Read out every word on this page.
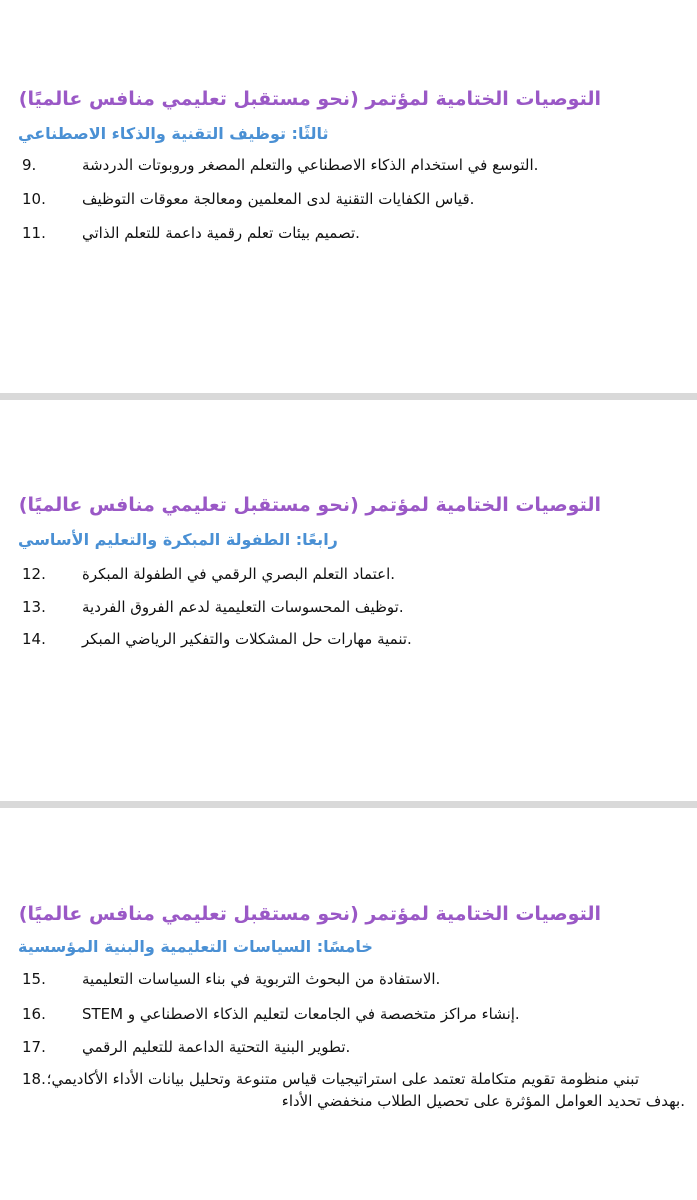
التوصيات الختامية لمؤتمر (نحو مستقبل تعليمي منافس عالميًا)
ثالثًا: توظيف التقنية والذكاء الاصطناعي
9.	.التوسع في استخدام الذكاء الاصطناعي والتعلم المصغر وروبوتات الدردشة
10. .قياس الكفايات التقنية لدى المعلمين ومعالجة معوقات التوظيف
11. .تصميم بيئات تعلم رقمية داعمة للتعلم الذاتي
التوصيات الختامية لمؤتمر (نحو مستقبل تعليمي منافس عالميًا)
رابعًا: الطفولة المبكرة والتعليم الأساسي
12. .اعتماد التعلم البصري الرقمي في الطفولة المبكرة
13. .توظيف المحسوسات التعليمية لدعم الفروق الفردية
14. .تنمية مهارات حل المشكلات والتفكير الرياضي المبكر
التوصيات الختامية لمؤتمر (نحو مستقبل تعليمي منافس عالميًا)
خامسًا: السياسات التعليمية والبنية المؤسسية
15. .الاستفادة من البحوث التربوية في بناء السياسات التعليمية
16. .إنشاء مراكز متخصصة في الجامعات لتعليم الذكاء الاصطناعي و STEM
17. .تطوير البنية التحتية الداعمة للتعليم الرقمي
18. تبني منظومة تقويم متكاملة تعتمد على استراتيجيات قياس متنوعة وتحليل بيانات الأداء الأكاديمي؛
.بهدف تحديد العوامل المؤثرة على تحصيل الطلاب منخفضي الأداء
